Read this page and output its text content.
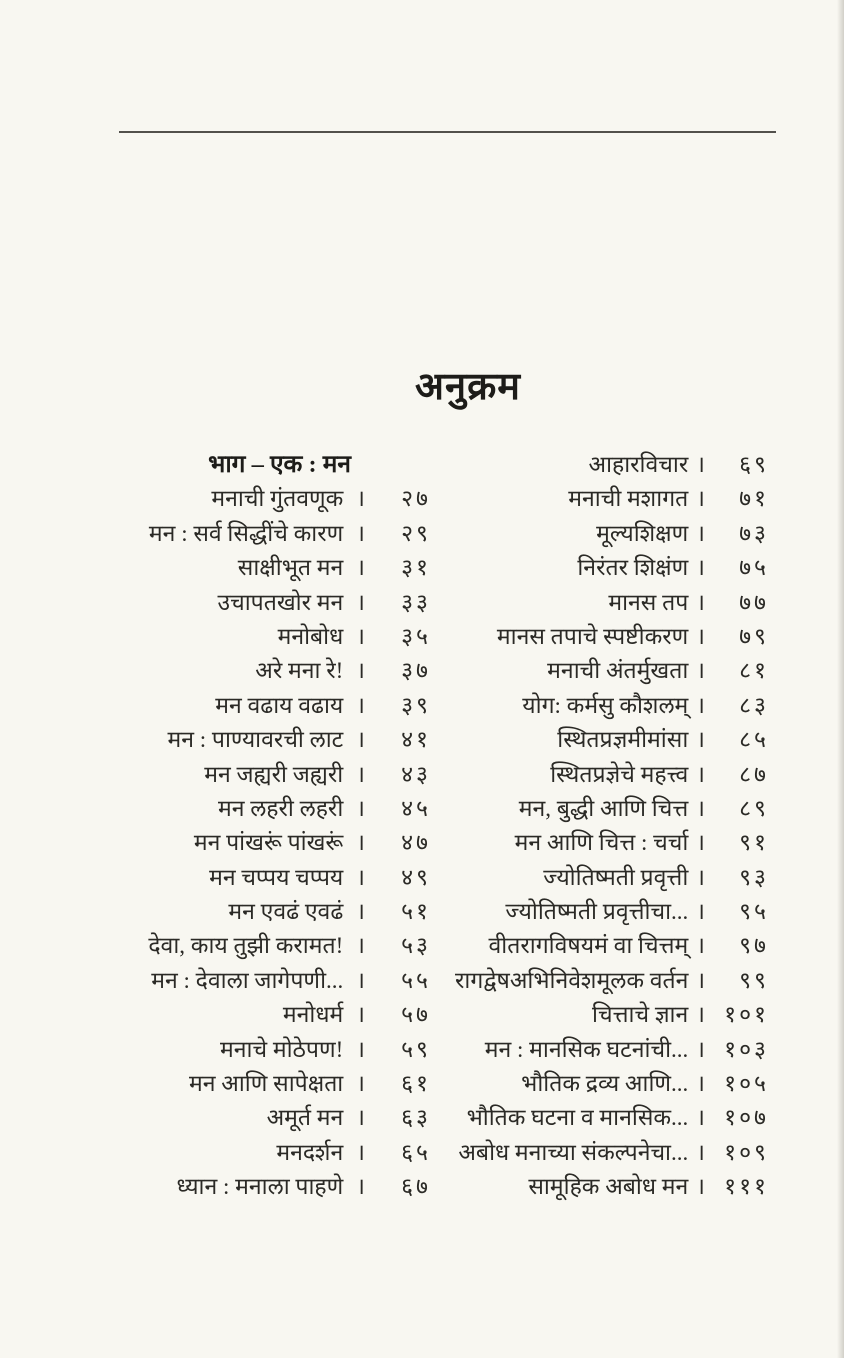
अनुक्रम
भाग – एक : मन
मनाची गुंतवणूक ।	२७
मन : सर्व सिद्धींचे कारण ।	२९
साक्षीभूत मन ।	३१
उचापतखोर मन ।	३३
मनोबोध ।	३५
अरे मना रे! ।	३७
मन वढाय वढाय ।	३९
मन : पाण्यावरची लाट ।	४१
मन जह्यरी जह्यरी ।	४३
मन लहरी लहरी ।	४५
मन पांखरूं पांखरूं ।	४७
मन चप्पय चप्पय ।	४९
मन एवढं एवढं ।	५१
देवा, काय तुझी करामत! ।	५३
मन : देवाला जागेपणी... ।	५५
मनोधर्म ।	५७
मनाचे मोठेपण! ।	५९
मन आणि सापेक्षता ।	६१
अमूर्त मन ।	६३
मनदर्शन ।	६५
ध्यान : मनाला पाहणे ।	६७
आहारविचार ।	६९
मनाची मशागत ।	७१
मूल्यशिक्षण ।	७३
निरंतर शिक्षंण ।	७५
मानस तप ।	७७
मानस तपाचे स्पष्टीकरण ।	७९
मनाची अंतर्मुखता ।	८१
योग: कर्मसु कौशलम् ।	८३
स्थितप्रज्ञमीमांसा ।	८५
स्थितप्रज्ञेचे महत्त्व ।	८७
मन, बुद्धी आणि चित्त ।	८९
मन आणि चित्त : चर्चा ।	९१
ज्योतिष्मती प्रवृत्ती ।	९३
ज्योतिष्मती प्रवृत्तीचा... ।	९५
वीतरागविषयमं वा चित्तम् ।	९७
रागद्वेषअभिनिवेशमूलक वर्तन ।	९९
चित्ताचे ज्ञान । १०१
मन : मानसिक घटनांची... । १०३
भौतिक द्रव्य आणि... । १०५
भौतिक घटना व मानसिक... । १०७
अबोध मनाच्या संकल्पनेचा... । १०९
सामूहिक अबोध मन । १११
